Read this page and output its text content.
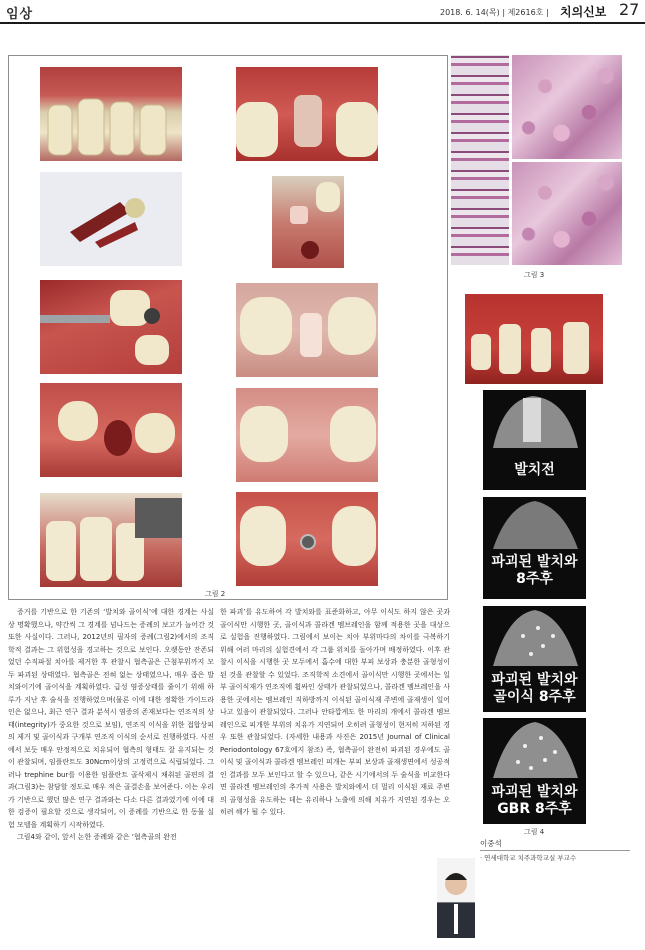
임상	2018. 6. 14(목) | 제2616호 | 치의신보 27
그림 2
그림 3
발치전
파괴된 발치와
8주후
파괴된 발치와
골이식 8주후
파괴된 발치와
GBR 8주후
그림 4

증거를 기반으로 한 기존의 ‘발치와 골이식’에 대한 경계는 사실상 명확했으나, 약간씩 그 경계를 넘나드는 증례의 보고가 늘어간 것 또한 사실이다. 그러나, 2012년의 필자의 증례(그림2)에서의 조직학적 결과는 그 위험성을 경고하는 것으로 보인다. 오랫동안 잔존되었던 수직파절 치아를 제거한 후 관찰시 협측골은 근첨부위까지 모두 파괴된 상태였다. 협측골은 전혀 없는 상태였으나, 매우 좁은 발치와이기에 골이식을 계획하였다. 급성 염증상태를 줄이기 위해 하루가 지난 후 술식을 진행하였으며(물론 이에 대한 정확한 가이드라인은 없으나, 최근 연구 결과 분석시 염증의 존재보다는 연조직의 상태(integrity)가 중요한 것으로 보임), 연조직 이식을 위한 접합상피의 제거 및 골이식과 구개부 연조직 이식의 순서로 진행하였다. 사진에서 보듯 매우 안정적으로 치유되어 협측의 형태도 잘 유지되는 것이 관찰되며, 임플란트도 30Ncm이상의 고정력으로 식립되었다. 그러나 trephine bur를 이용한 임플란트 골삭제시 채취된 골편의 결과(그림3)는 참담할 정도로 매우 적은 골결손을 보여준다. 이는 우리가 기반으로 했던 많은 연구 결과와는 다소 다른 결과였기에 이에 대한 검증이 필요할 것으로 생각되어, 이 증례를 기반으로 한 동물 실험 모델을 계획하기 시작하였다.

그림4와 같이, 앞서 논한 증례와 같은 ‘협측골의 완전

한 파괴’를 유도하여 각 발치와를 표준화하고, 아무 이식도 하지 않은 곳과 골이식만 시행한 곳, 골이식과 콜라겐 멤브레인을 함께 적용한 곳을 대상으로 실험을 진행하였다. 그림에서 보이는 치아 부위마다의 차이를 극복하기 위해 여러 마리의 실험견에서 각 그룹 위치를 돌아가며 배정하였다. 이후 관찰시 이식을 시행한 곳 모두에서 흡수에 대한 부피 보상과 충분한 골형성이 된 것을 관찰할 수 있었다. 조직학적 소견에서 골이식만 시행한 곳에서는 일부 골이식재가 연조직에 휩싸인 상태가 관찰되었으나, 콜라겐 멤브레인을 사용한 곳에서는 멤브레인 직하방까지 이식된 골이식재 주변에 골재생이 일어나고 있음이 관찰되었다. 그러나 안타깝게도 한 마리의 개에서 콜라겐 멤브레인으로 피개한 부위의 치유가 지연되어 오히려 골형성이 현저히 저하된 경우 또한 관찰되었다. (자세한 내용과 사진은 2015년 Journal of Clinical Periodontology 67호에지 참조) 즉, 협측골이 완전히 파괴된 경우에도 골이식 및 골이식과 콜라겐 멤브레인 피개는 부피 보상과 골재생면에서 성공적인 결과를 모두 보인다고 할 수 있으나, 같은 시기에서의 두 술식을 비교한다면 콜라겐 멤브레인의 추가적 사용은 발치와에서 더 멀리 이식된 재료 주변의 골형성을 유도하는 데는 유리하나 노출에 의해 치유가 지연된 경우는 오히려 해가 될 수 있다.

이중석
· 연세대학교 치주과학교실 부교수
